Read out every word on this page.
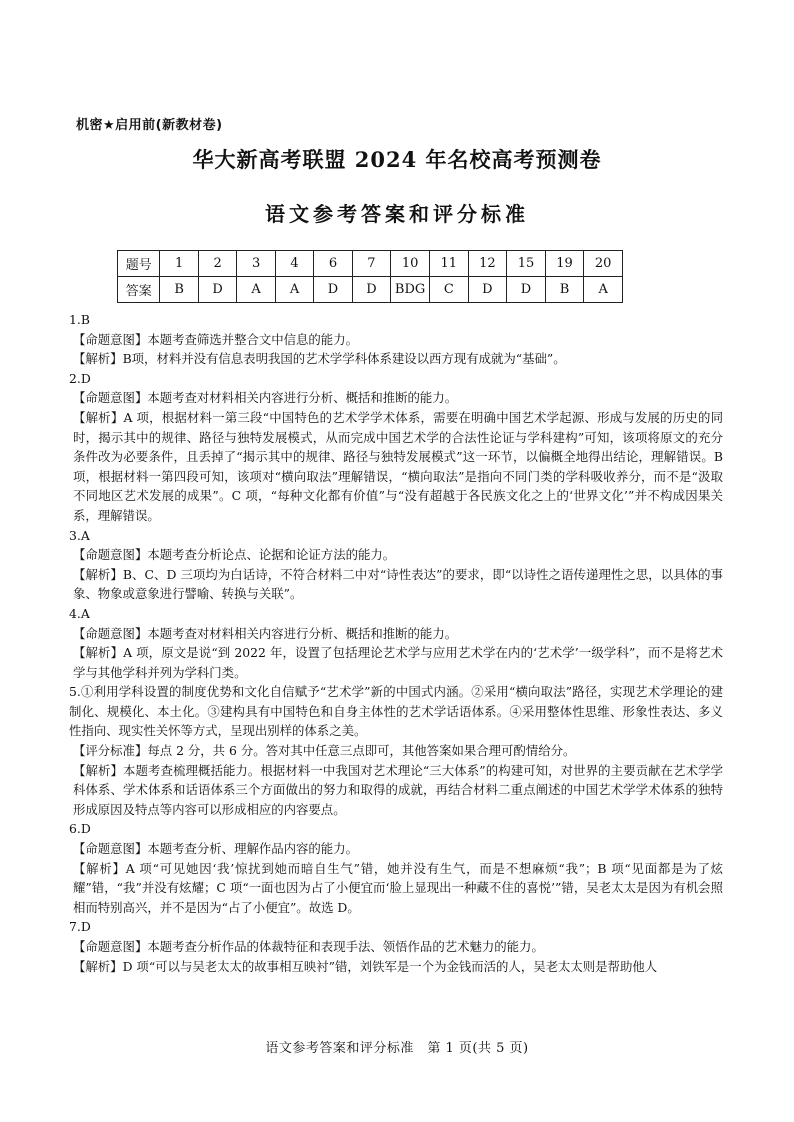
机密★启用前(新教材卷)
华大新高考联盟 2024 年名校高考预测卷
语文参考答案和评分标准
题号	1	2	3	4	6	7	10	11	12	15	19	20
答案	B	D	A	A	D	D	BDG	C	D	D	B	A

1.B

【命题意图】本题考查筛选并整合文中信息的能力。

【解析】B项，材料并没有信息表明我国的艺术学学科体系建设以西方现有成就为“基础”。

2.D

【命题意图】本题考查对材料相关内容进行分析、概括和推断的能力。

【解析】A 项，根据材料一第三段“中国特色的艺术学学术体系，需要在明确中国艺术学起源、形成与发展的历史的同时，揭示其中的规律、路径与独特发展模式，从而完成中国艺术学的合法性论证与学科建构”可知，该项将原文的充分条件改为必要条件，且丢掉了“揭示其中的规律、路径与独特发展模式”这一环节，以偏概全地得出结论，理解错误。B 项，根据材料一第四段可知，该项对“横向取法”理解错误，“横向取法”是指向不同门类的学科吸收养分，而不是“汲取不同地区艺术发展的成果”。C 项，“每种文化都有价值”与“没有超越于各民族文化之上的‘世界文化’”并不构成因果关系，理解错误。

3.A

【命题意图】本题考查分析论点、论据和论证方法的能力。

【解析】B、C、D 三项均为白话诗，不符合材料二中对“诗性表达”的要求，即“以诗性之语传递理性之思，以具体的事象、物象或意象进行譬喻、转换与关联”。

4.A

【命题意图】本题考查对材料相关内容进行分析、概括和推断的能力。

【解析】A 项，原文是说“到 2022 年，设置了包括理论艺术学与应用艺术学在内的‘艺术学’一级学科”，而不是将艺术学与其他学科并列为学科门类。

5.①利用学科设置的制度优势和文化自信赋予“艺术学”新的中国式内涵。②采用“横向取法”路径，实现艺术学理论的建制化、规模化、本土化。③建构具有中国特色和自身主体性的艺术学话语体系。④采用整体性思维、形象性表达、多义性指向、现实性关怀等方式，呈现出别样的体系之美。

【评分标准】每点 2 分，共 6 分。答对其中任意三点即可，其他答案如果合理可酌情给分。

【解析】本题考查梳理概括能力。根据材料一中我国对艺术理论“三大体系”的构建可知，对世界的主要贡献在艺术学学科体系、学术体系和话语体系三个方面做出的努力和取得的成就，再结合材料二重点阐述的中国艺术学学术体系的独特形成原因及特点等内容可以形成相应的内容要点。

6.D

【命题意图】本题考查分析、理解作品内容的能力。

【解析】A 项“可见她因‘我’惊扰到她而暗自生气”错，她并没有生气，而是不想麻烦“我”；B 项“见面都是为了炫耀”错，“我”并没有炫耀；C 项“一面也因为占了小便宜而‘脸上显现出一种藏不住的喜悦’”错，吴老太太是因为有机会照相而特别高兴，并不是因为“占了小便宜”。故选 D。

7.D

【命题意图】本题考查分析作品的体裁特征和表现手法、领悟作品的艺术魅力的能力。

【解析】D 项“可以与吴老太太的故事相互映衬”错，刘铁军是一个为金钱而活的人，吴老太太则是帮助他人

语文参考答案和评分标准　第 1 页(共 5 页)
